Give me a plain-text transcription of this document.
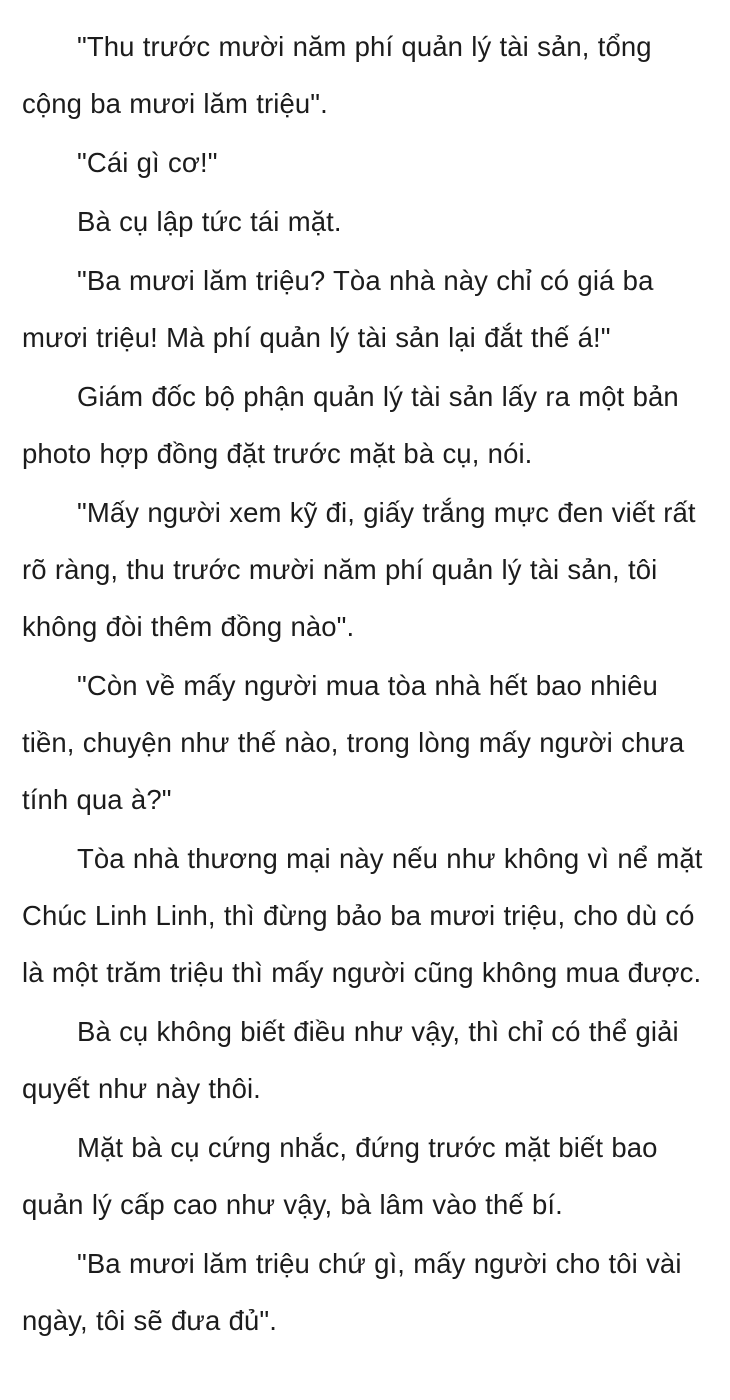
"Thu trước mười năm phí quản lý tài sản, tổng cộng ba mươi lăm triệu".

"Cái gì cơ!"

Bà cụ lập tức tái mặt.

"Ba mươi lăm triệu? Tòa nhà này chỉ có giá ba mươi triệu! Mà phí quản lý tài sản lại đắt thế á!"

Giám đốc bộ phận quản lý tài sản lấy ra một bản photo hợp đồng đặt trước mặt bà cụ, nói.

"Mấy người xem kỹ đi, giấy trắng mực đen viết rất rõ ràng, thu trước mười năm phí quản lý tài sản, tôi không đòi thêm đồng nào".

"Còn về mấy người mua tòa nhà hết bao nhiêu tiền, chuyện như thế nào, trong lòng mấy người chưa tính qua à?"

Tòa nhà thương mại này nếu như không vì nể mặt Chúc Linh Linh, thì đừng bảo ba mươi triệu, cho dù có là một trăm triệu thì mấy người cũng không mua được.

Bà cụ không biết điều như vậy, thì chỉ có thể giải quyết như này thôi.

Mặt bà cụ cứng nhắc, đứng trước mặt biết bao quản lý cấp cao như vậy, bà lâm vào thế bí.

"Ba mươi lăm triệu chứ gì, mấy người cho tôi vài ngày, tôi sẽ đưa đủ".
